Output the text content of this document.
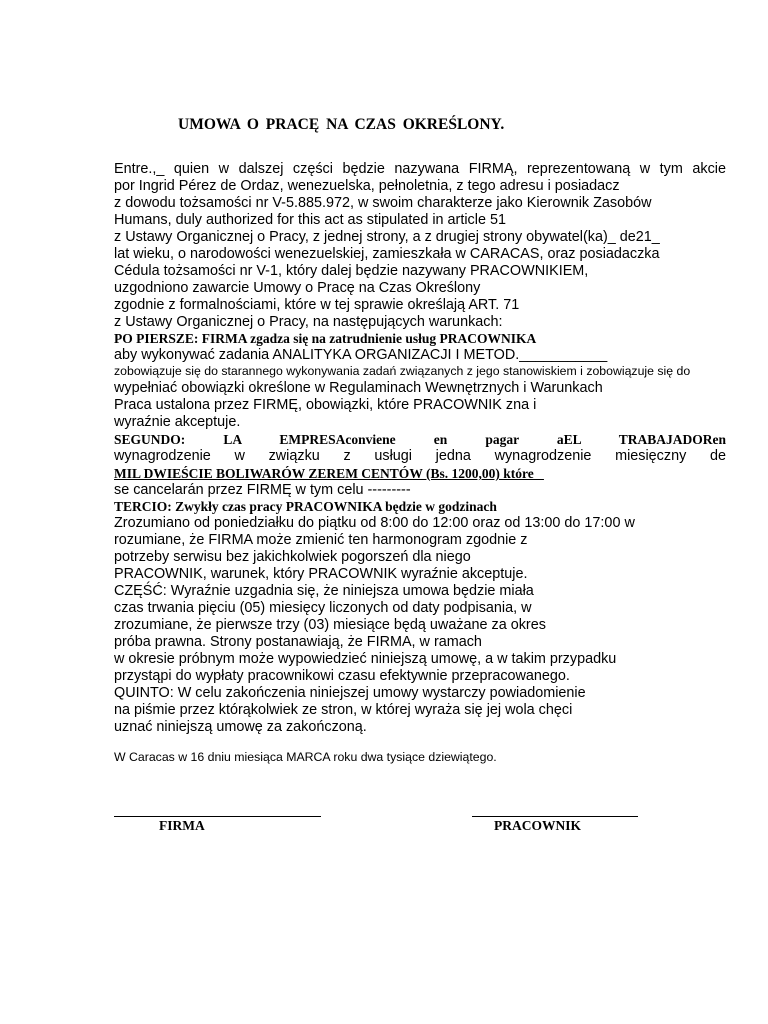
UMOWA O PRACĘ NA CZAS OKREŚLONY.
Entre.,_ quien w dalszej części będzie nazywana FIRMĄ, reprezentowaną w tym akcie
por Ingrid Pérez de Ordaz, wenezuelska, pełnoletnia, z tego adresu i posiadacz
z dowodu tożsamości nr V-5.885.972, w swoim charakterze jako Kierownik Zasobów
Humans, duly authorized for this act as stipulated in article 51
z Ustawy Organicznej o Pracy, z jednej strony, a z drugiej strony obywatel(ka)_ de21_
lat wieku, o narodowości wenezuelskiej, zamieszkała w CARACAS, oraz posiadaczka
Cédula tożsamości nr V-1, który dalej będzie nazywany PRACOWNIKIEM,
uzgodniono zawarcie Umowy o Pracę na Czas Określony
zgodnie z formalnościami, które w tej sprawie określają ART. 71
z Ustawy Organicznej o Pracy, na następujących warunkach:
PO PIERSZE: FIRMA zgadza się na zatrudnienie usług PRACOWNIKA
aby wykonywać zadania ANALITYKA ORGANIZACJI I METOD.___________
zobowiązuje się do starannego wykonywania zadań związanych z jego stanowiskiem i zobowiązuje się do
wypełniać obowiązki określone w Regulaminach Wewnętrznych i Warunkach
Praca ustalona przez FIRMĘ, obowiązki, które PRACOWNIK zna i
wyraźnie akceptuje.
SEGUNDO: LA EMPRESAconviene en pagar aEL TRABAJADORen
wynagrodzenie w związku z usługi jedna wynagrodzenie miesięczny de
MIL DWIEŚCIE BOLIWARÓW ZEREM CENTÓW (Bs. 1200,00) które _
se cancelarán przez FIRMĘ w tym celu ---------
TERCIO: Zwykły czas pracy PRACOWNIKA będzie w godzinach
Zrozumiano od poniedziałku do piątku od 8:00 do 12:00 oraz od 13:00 do 17:00 w
rozumiane, że FIRMA może zmienić ten harmonogram zgodnie z
potrzeby serwisu bez jakichkolwiek pogorszeń dla niego
PRACOWNIK, warunek, który PRACOWNIK wyraźnie akceptuje.
CZĘŚĆ: Wyraźnie uzgadnia się, że niniejsza umowa będzie miała
czas trwania pięciu (05) miesięcy liczonych od daty podpisania, w
zrozumiane, że pierwsze trzy (03) miesiące będą uważane za okres
próba prawna. Strony postanawiają, że FIRMA, w ramach
w okresie próbnym może wypowiedzieć niniejszą umowę, a w takim przypadku
przystąpi do wypłaty pracownikowi czasu efektywnie przepracowanego.
QUINTO: W celu zakończenia niniejszej umowy wystarczy powiadomienie
na piśmie przez którąkolwiek ze stron, w której wyraża się jej wola chęci
uznać niniejszą umowę za zakończoną.
W Caracas w 16 dniu miesiąca MARCA roku dwa tysiące dziewiątego.
FIRMA	PRACOWNIK
